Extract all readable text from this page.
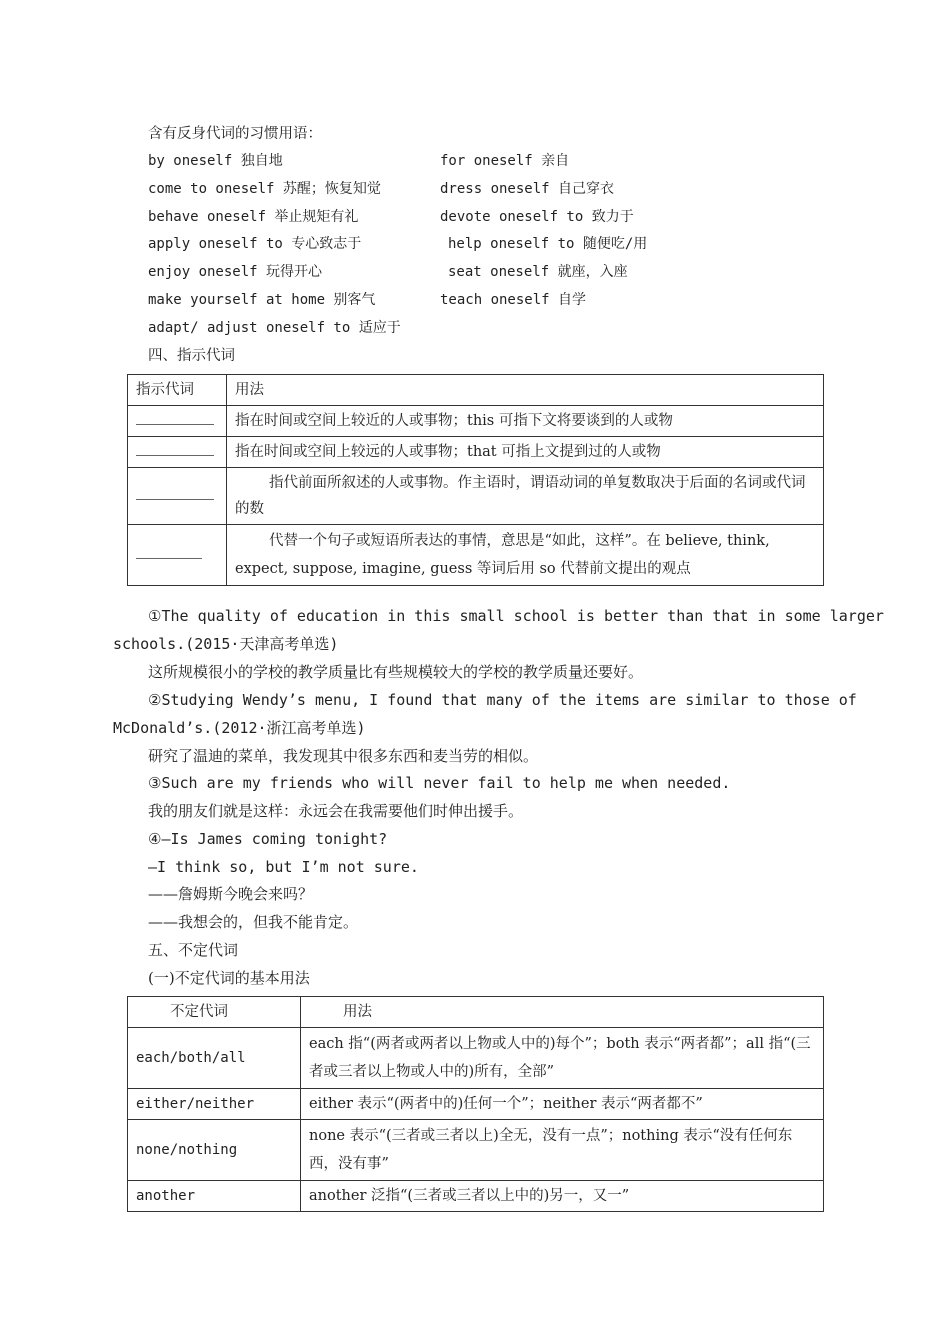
含有反身代词的习惯用语：
by oneself 独自地	for oneself 亲自
come to oneself 苏醒；恢复知觉	dress oneself 自己穿衣
behave oneself 举止规矩有礼	devote oneself to 致力于
apply oneself to 专心致志于	help oneself to 随便吃/用
enjoy oneself 玩得开心	seat oneself 就座，入座
make yourself at home 别客气	teach oneself 自学
adapt/ adjust oneself to 适应于
四、指示代词
指示代词	用法
	指在时间或空间上较近的人或事物；this 可指下文将要谈到的人或物
	指在时间或空间上较远的人或事物；that 可指上文提到过的人或物
	指代前面所叙述的人或事物。作主语时，谓语动词的单复数取决于后面的名词或代词的数
	代替一个句子或短语所表达的事情，意思是“如此，这样”。在 believe, think, expect, suppose, imagine, guess 等词后用 so 代替前文提出的观点
①The quality of education in this small school is better than that in some larger
schools.(2015·天津高考单选)
这所规模很小的学校的教学质量比有些规模较大的学校的教学质量还要好。
②Studying Wendy’s menu, I found that many of the items are similar to those of
McDonald’s.(2012·浙江高考单选)
研究了温迪的菜单，我发现其中很多东西和麦当劳的相似。
③Such are my friends who will never fail to help me when needed.
我的朋友们就是这样：永远会在我需要他们时伸出援手。
④—Is James coming tonight?
—I think so, but I’m not sure.
——詹姆斯今晚会来吗？
——我想会的，但我不能肯定。
五、不定代词
(一)不定代词的基本用法
不定代词	用法
each/both/all	each 指“(两者或两者以上物或人中的)每个”；both 表示“两者都”；all 指“(三者或三者以上物或人中的)所有，全部”
either/neither	either 表示“(两者中的)任何一个”；neither 表示“两者都不”
none/nothing	none 表示“(三者或三者以上)全无，没有一点”；nothing 表示“没有任何东西，没有事”
another	another 泛指“(三者或三者以上中的)另一，又一”
